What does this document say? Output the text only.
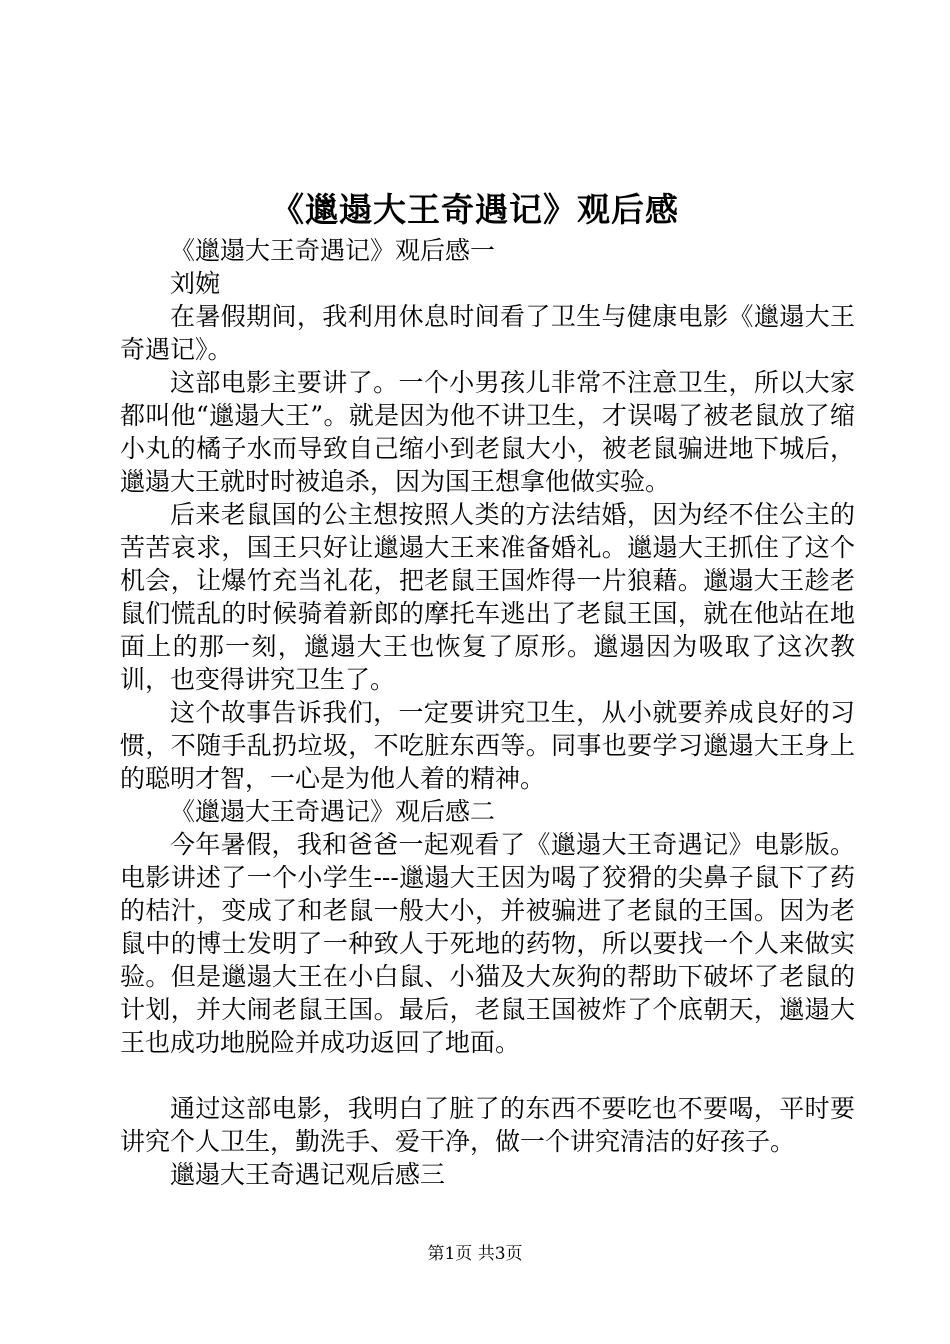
《邋遢大王奇遇记》观后感

《邋遢大王奇遇记》观后感一

刘婉

在暑假期间，我利用休息时间看了卫生与健康电影《邋遢大王奇遇记》。

这部电影主要讲了。一个小男孩儿非常不注意卫生，所以大家都叫他“邋遢大王”。就是因为他不讲卫生，才误喝了被老鼠放了缩小丸的橘子水而导致自己缩小到老鼠大小，被老鼠骗进地下城后，邋遢大王就时时被追杀，因为国王想拿他做实验。

后来老鼠国的公主想按照人类的方法结婚，因为经不住公主的苦苦哀求，国王只好让邋遢大王来准备婚礼。邋遢大王抓住了这个机会，让爆竹充当礼花，把老鼠王国炸得一片狼藉。邋遢大王趁老鼠们慌乱的时候骑着新郎的摩托车逃出了老鼠王国，就在他站在地面上的那一刻，邋遢大王也恢复了原形。邋遢因为吸取了这次教训，也变得讲究卫生了。

这个故事告诉我们，一定要讲究卫生，从小就要养成良好的习惯，不随手乱扔垃圾，不吃脏东西等。同事也要学习邋遢大王身上的聪明才智，一心是为他人着的精神。

《邋遢大王奇遇记》观后感二

今年暑假，我和爸爸一起观看了《邋遢大王奇遇记》电影版。电影讲述了一个小学生---邋遢大王因为喝了狡猾的尖鼻子鼠下了药的桔汁，变成了和老鼠一般大小，并被骗进了老鼠的王国。因为老鼠中的博士发明了一种致人于死地的药物，所以要找一个人来做实验。但是邋遢大王在小白鼠、小猫及大灰狗的帮助下破坏了老鼠的计划，并大闹老鼠王国。最后，老鼠王国被炸了个底朝天，邋遢大王也成功地脱险并成功返回了地面。

通过这部电影，我明白了脏了的东西不要吃也不要喝，平时要讲究个人卫生，勤洗手、爱干净，做一个讲究清洁的好孩子。

邋遢大王奇遇记观后感三

第1页 共3页
